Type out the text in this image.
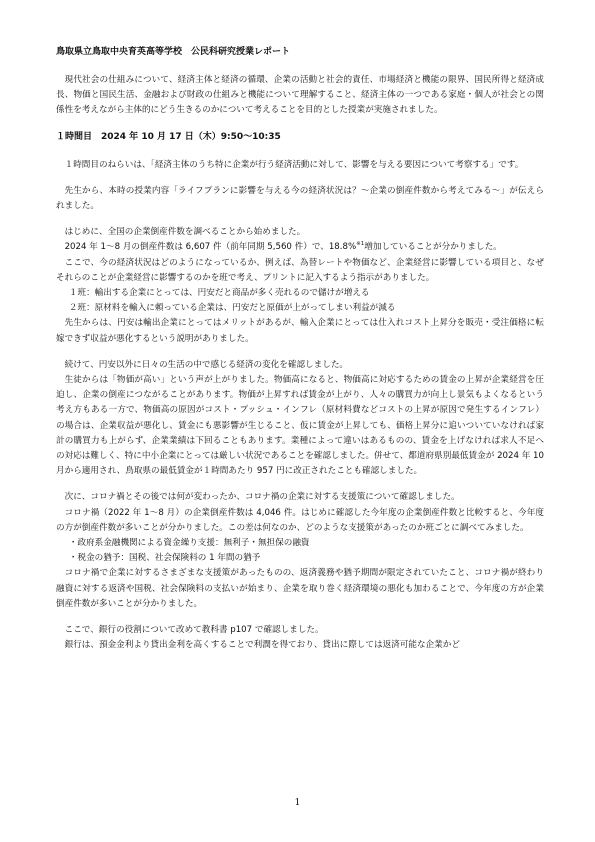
鳥取県立鳥取中央育英高等学校　公民科研究授業レポート

現代社会の仕組みについて、経済主体と経済の循環、企業の活動と社会的責任、市場経済と機能の限界、国民所得と経済成長、物価と国民生活、金融および財政の仕組みと機能について理解すること、経済主体の一つである家庭・個人が社会との関係性を考えながら主体的にどう生きるのかについて考えることを目的とした授業が実施されました。

１時間目　2024 年 10 月 17 日（木）9:50～10:35

１時間目のねらいは、「経済主体のうち特に企業が行う経済活動に対して、影響を与える要因について考察する」です。

先生から、本時の授業内容「ライフプランに影響を与える今の経済状況は？～企業の倒産件数から考えてみる～」が伝えられました。

はじめに、全国の企業倒産件数を調べることから始めました。

2024 年 1～8 月の倒産件数は 6,607 件（前年同期 5,560 件）で、18.8%$^{※1}$増加していることが分かりました。

ここで、今の経済状況はどのようになっているか、例えば、為替レートや物価など、企業経営に影響している項目と、なぜそれらのことが企業経営に影響するのかを班で考え、プリントに記入するよう指示がありました。

１班：輸出する企業にとっては、円安だと商品が多く売れるので儲けが増える

２班：原材料を輸入に頼っている企業は、円安だと原価が上がってしまい利益が減る

先生からは、円安は輸出企業にとってはメリットがあるが、輸入企業にとっては仕入れコスト上昇分を販売・受注価格に転嫁できず収益が悪化するという説明がありました。

続けて、円安以外に日々の生活の中で感じる経済の変化を確認しました。

生徒からは「物価が高い」という声が上がりました。物価高になると、物価高に対応するための賃金の上昇が企業経営を圧迫し、企業の倒産につながることがあります。物価が上昇すれば賃金が上がり、人々の購買力が向上し景気もよくなるという考え方もある一方で、物価高の原因がコスト・プッシュ・インフレ（原材料費などコストの上昇が原因で発生するインフレ）の場合は、企業収益が悪化し、賃金にも悪影響が生じること、仮に賃金が上昇しても、価格上昇分に追いついていなければ家計の購買力も上がらず、企業業績は下回ることもあります。業種によって違いはあるものの、賃金を上げなければ求人不足への対応は難しく、特に中小企業にとっては厳しい状況であることを確認しました。併せて、都道府県別最低賃金が 2024 年 10 月から適用され、鳥取県の最低賃金が１時間あたり 957 円に改正されたことも確認しました。

次に、コロナ禍とその後では何が変わったか、コロナ禍の企業に対する支援策について確認しました。

コロナ禍（2022 年 1～8 月）の企業倒産件数は 4,046 件。はじめに確認した今年度の企業倒産件数と比較すると、今年度の方が倒産件数が多いことが分かりました。この差は何なのか、どのような支援策があったのか班ごとに調べてみました。

・政府系金融機関による資金繰り支援：無利子・無担保の融資

・税金の猶予：国税、社会保険料の 1 年間の猶予

コロナ禍で企業に対するさまざまな支援策があったものの、返済義務や猶予期間が限定されていたこと、コロナ禍が終わり融資に対する返済や国税、社会保険料の支払いが始まり、企業を取り巻く経済環境の悪化も加わることで、今年度の方が企業倒産件数が多いことが分かりました。

ここで、銀行の役割について改めて教科書 p107 で確認しました。

銀行は、預金金利より貸出金利を高くすることで利潤を得ており、貸出に際しては返済可能な企業かど

1
